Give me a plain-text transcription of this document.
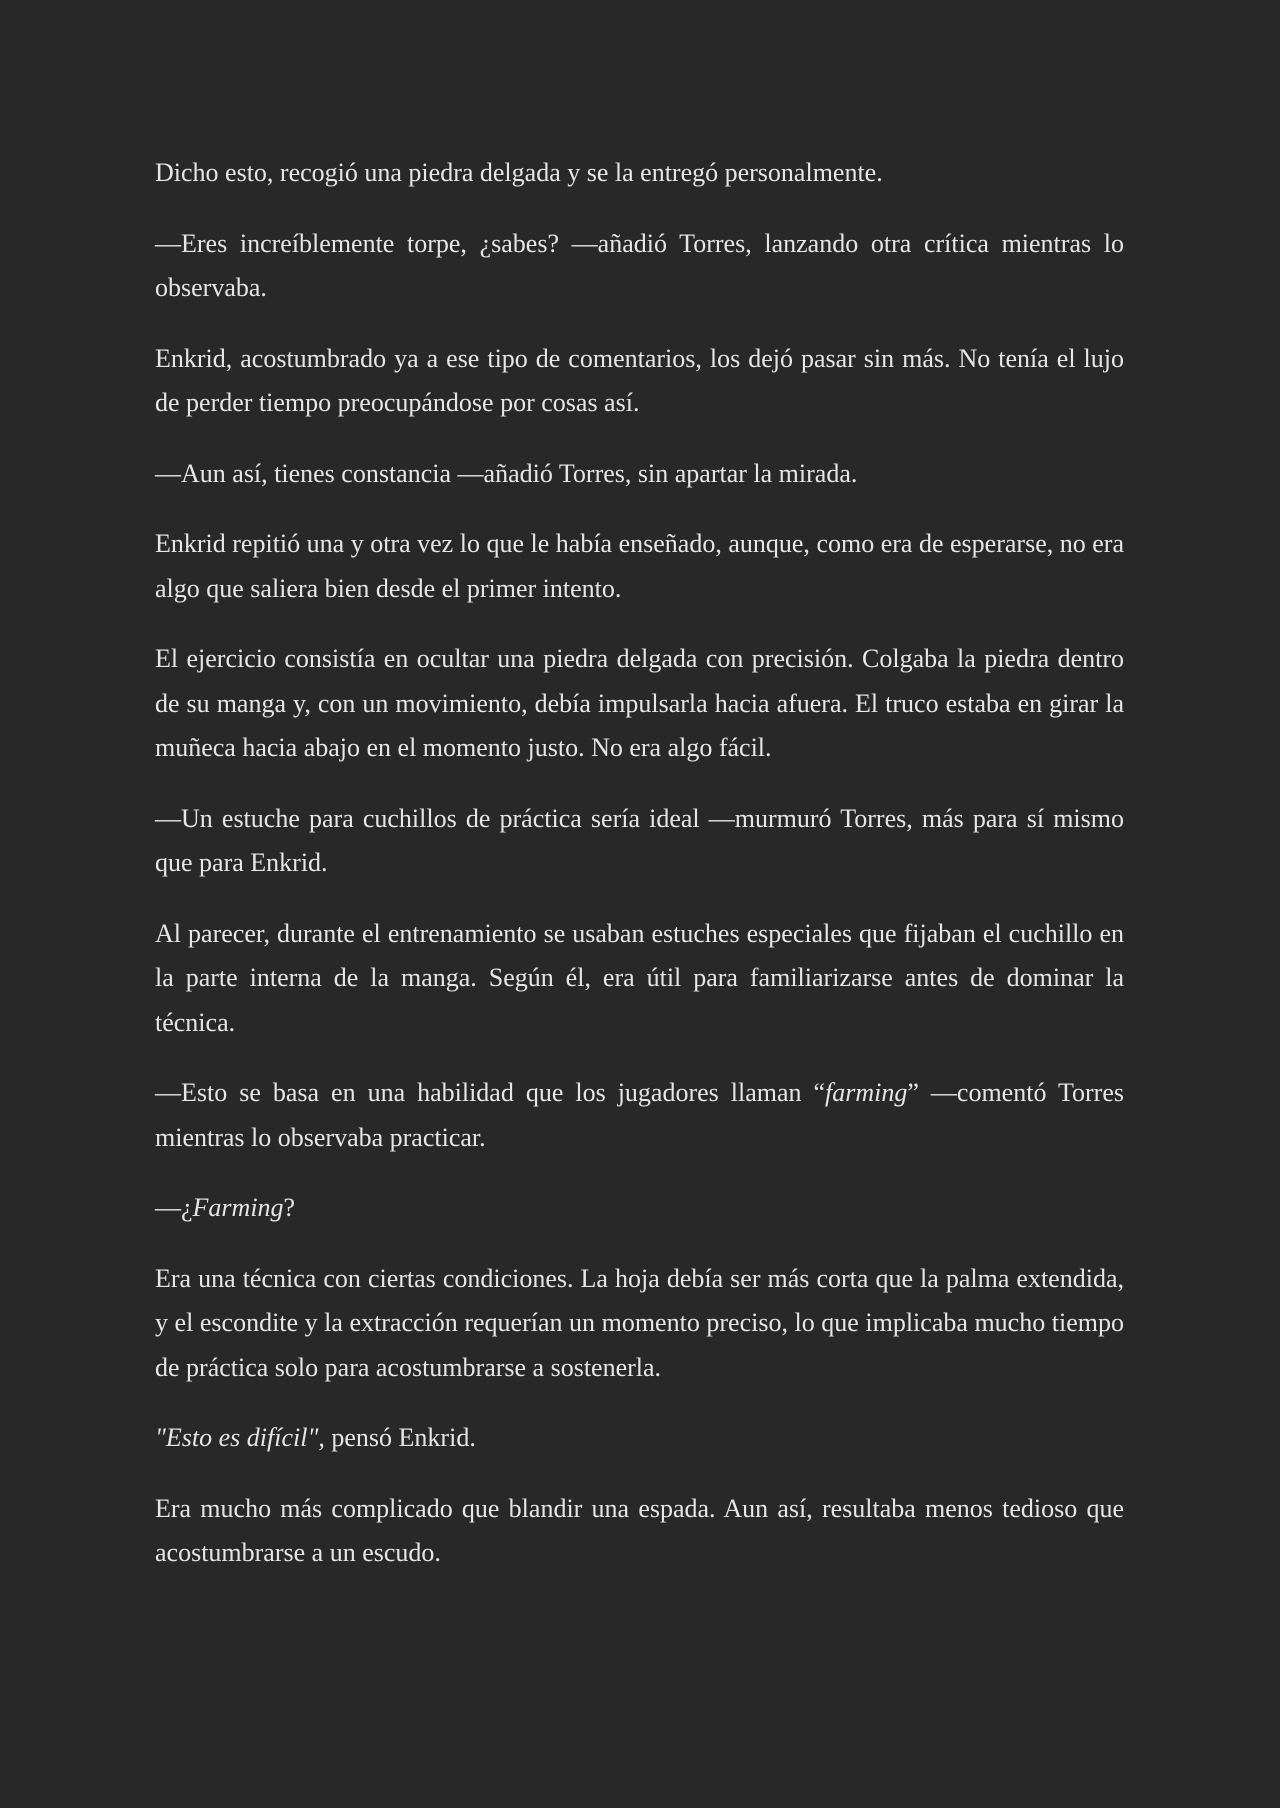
Dicho esto, recogió una piedra delgada y se la entregó personalmente.

—Eres increíblemente torpe, ¿sabes? —añadió Torres, lanzando otra crítica mientras lo observaba.

Enkrid, acostumbrado ya a ese tipo de comentarios, los dejó pasar sin más. No tenía el lujo de perder tiempo preocupándose por cosas así.

—Aun así, tienes constancia —añadió Torres, sin apartar la mirada.

Enkrid repitió una y otra vez lo que le había enseñado, aunque, como era de esperarse, no era algo que saliera bien desde el primer intento.

El ejercicio consistía en ocultar una piedra delgada con precisión. Colgaba la piedra dentro de su manga y, con un movimiento, debía impulsarla hacia afuera. El truco estaba en girar la muñeca hacia abajo en el momento justo. No era algo fácil.

—Un estuche para cuchillos de práctica sería ideal —murmuró Torres, más para sí mismo que para Enkrid.

Al parecer, durante el entrenamiento se usaban estuches especiales que fijaban el cuchillo en la parte interna de la manga. Según él, era útil para familiarizarse antes de dominar la técnica.

—Esto se basa en una habilidad que los jugadores llaman “farming” —comentó Torres mientras lo observaba practicar.

—¿Farming?

Era una técnica con ciertas condiciones. La hoja debía ser más corta que la palma extendida, y el escondite y la extracción requerían un momento preciso, lo que implicaba mucho tiempo de práctica solo para acostumbrarse a sostenerla.

"Esto es difícil", pensó Enkrid.

Era mucho más complicado que blandir una espada. Aun así, resultaba menos tedioso que acostumbrarse a un escudo.
